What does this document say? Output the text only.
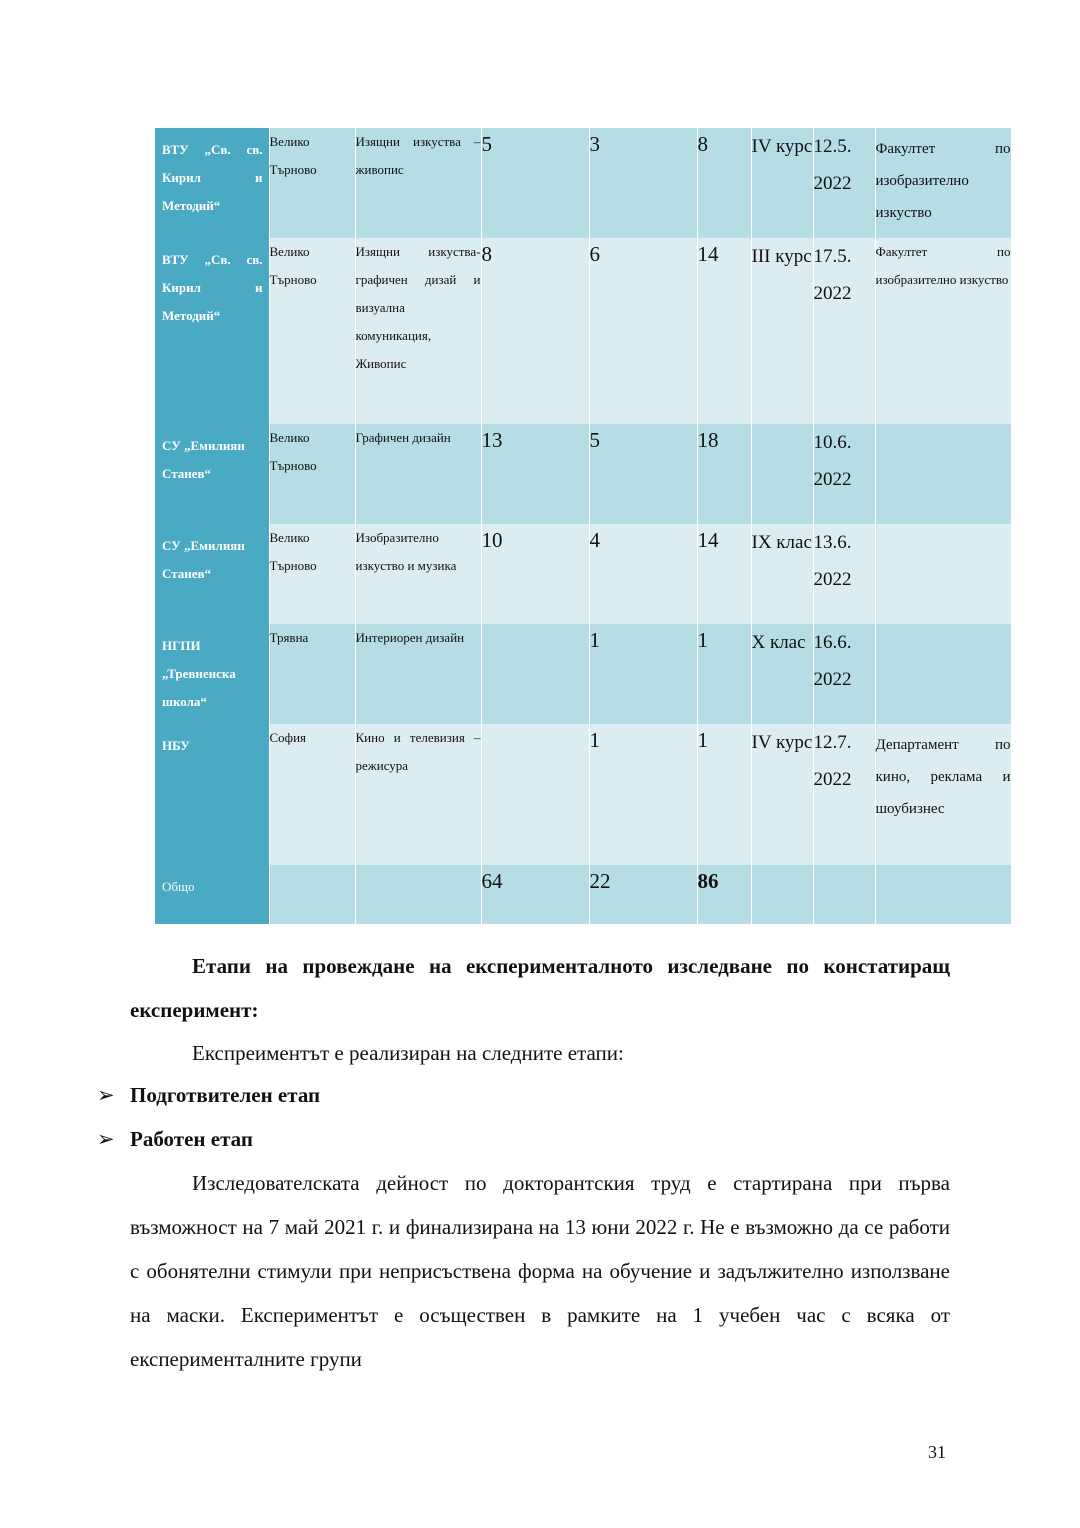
ВТУ „Св. св. Кирил и Методий“	Велико Търново	Изящни изкуства – живопис	5	3	8	IV курс	12.5. 2022	Факултет по изобразително изкуство
ВТУ „Св. св. Кирил и Методий“	Велико Търново	Изящни изкуства- графичен дизай и визуална комуникация, Живопис	8	6	14	III курс	17.5. 2022	Факултет по изобразително изкуство
СУ „Емилиян Станев“	Велико Търново	Графичен дизайн	13	5	18		10.6. 2022	
СУ „Емилиян Станев“	Велико Търново	Изобразително изкуство и музика	10	4	14	IX клас	13.6. 2022	
НГПИ „Тревненска школа“	Трявна	Интериорен дизайн		1	1	X клас	16.6. 2022	
НБУ	София	Кино и телевизия – режисура		1	1	IV курс	12.7. 2022	Департамент по кино, реклама и шоубизнес
Общо			64	22	86			
Етапи на провеждане на експерименталното изследване по констатиращ експеримент:
Експреиментът е реализиран на следните етапи:
➢ Подготвителен етап
➢ Работен етап
Изследователската дейност по докторантския труд е стартирана при първа възможност на 7 май 2021 г. и финализирана на 13 юни 2022 г. Не е възможно да се работи с обонятелни стимули при неприсъствена форма на обучение и задължително използване на маски. Експериментът е осъществен в рамките на 1 учебен час с всяка от експерименталните групи
31
